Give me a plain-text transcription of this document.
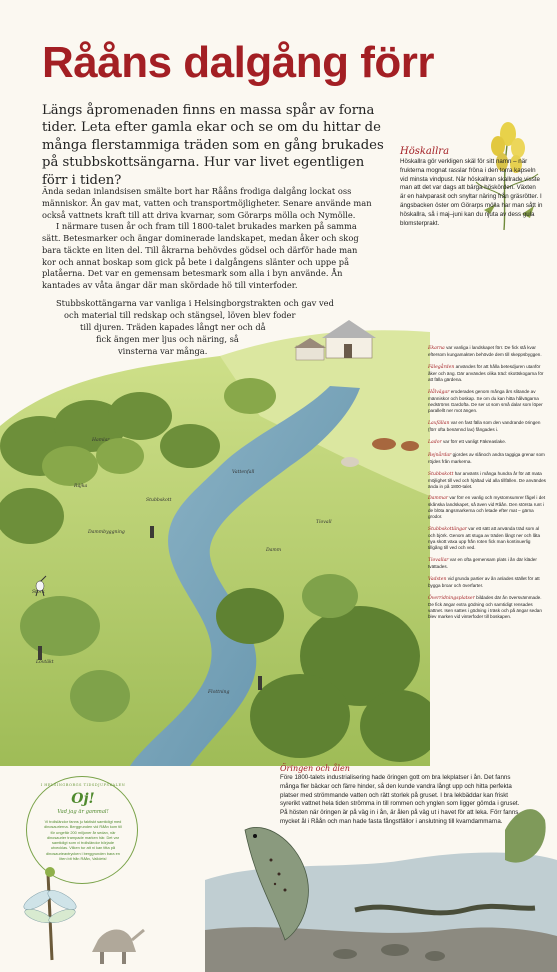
Rååns dalgång förr
Längs åpromenaden finns en massa spår av forna tider. Leta efter gamla ekar och se om du hittar de många flerstammiga träden som en gång brukades på stubbskottsängarna. Hur var livet egentligen förr i tiden?

Ända sedan inlandsisen smälte bort har Rååns frodiga dalgång lockat oss människor. Ån gav mat, vatten och transportmöjligheter. Senare använde man också vattnets kraft till att driva kvarnar, som Görarps mölla och Nymölle.

I närmare tusen år och fram till 1800-talet brukades marken på samma sätt. Betesmarker och ängar dominerade landskapet, medan åker och skog bara täckte en liten del. Till åkrarna behövdes gödsel och därför hade man kor och annat boskap som gick på bete i dalgångens slänter och uppe på platåerna. Det var en gemensam betesmark som alla i byn använde. Ån kantades av våta ängar där man skördade hö till vinterfoder.

Stubbskottängarna var vanliga i Helsingborgstrakten och gav ved
och material till redskap och stängsel, löven blev foder
till djuren. Träden kapades långt ner och då
fick ängen mer ljus och näring, så
vinsterna var många.
Höskallra
Höskallra gör verkligen skäl för sitt namn – när frukterna mognat rasslar fröna i den torra kapseln vid minsta vindpust. När höskallran skallrade visste man att det var dags att bärga höskörden. Växten är en halvparasit och snyltar näring från gräsrötter. I ängsbacken öster om Görarps mölla har man sått in höskallra, så i maj–juni kan du njuta av dess gula blomsterprakt.
Hamlar
Räjka
Stubbskott
Vattenfall
Damm
Dammbyggning
Stork
Lövtäkt
Flottning
Tiovall
Ekarna var vanliga i landskapet förr. De fick stå kvar eftersom kungamakten behövde dem till skeppsbyggen.
Fälegården användes för att hålla betesdjuren utanför åker och äng. Där användes olika träd: skottskogarna för att fälla gärdena.
Hålvägar eroderades genom många års slitande av människor och boskap. Se om du kan hitta hålvägarna nedströms Gardofta. De ser ut som små dalar som löper parallellt ner mot ängen.
Laxfällan var en fast fälla som den vandrande öringen (förr ofta benämnd lax) fångades i.
Lador var förr ett vanligt Fäkreaslake.
Rejnårdar gjordes av slånoch andra taggiga grenar som röjdes från markerna.
Stubbskott har använts i många hundra år för att mata möjlighet till ved och hjältad vid alla tillfällen. De användes ända in på 1800-talet.
Dammar var förr en vanlig och mystomsumrer fågel i det skånska landskapet, så även vid Råån. Den största runt i de blöta ängsmarkerna och letade efter mat – gärna grodor.
Stubbskottängar var ett sätt att använda träd som al och björk. Genom att stuga av träden långt ner och låta nya skott växa upp från roten fick man kontinuerlig tillgång till ved och ved.
Tiovallar var en ofta gemensam plats i ån där kläder tvättades.
Vadsten vid grunda partier av ån anlades stället för att bygga broar och överfarter.
Överridningsplatser bildades där ån översvämmade. De fick ängar extra gödning och samtidigt rensades vattnet. Isen sattes i gödning i träsk och på ängar sedan blev marken vid vinterfoder till boskapen.
I HELSINGBORGS TIDSDJUPSKALEN
Oj!
Vad jag är gammal!
Vi trollsländor fanns ju faktiskt samtidigt med dinosaurierna. Berggrunden vid Råån kom till för ungefär 200 miljoner år sedan, när dinosaurier trampade marken här. Det var samtidigt som vi trollsländor började utvecklas. Vilken tur att ni kan titta på dinosaurieavtrycken i berggrunden bara en liten bit från Råån, Valldets!
Öringen och ålen
Före 1800-talets industrialisering hade öringen gott om bra lekplatser i ån. Det fanns många fler bäckar och färre hinder, så den kunde vandra långt upp och hitta perfekta platser med strömmande vatten och rätt storlek på gruset. I bra lekbäddar kan friskt syrerikt vattnet hela tiden strömma in till rommen och ynglen som ligger gömda i gruset. På hösten när öringen är på väg in i ån, är ålen på väg ut i havet för att leka. Förr fanns mycket ål i Råån och man hade fasta fångstfällor i anslutning till kvarndammarna.
